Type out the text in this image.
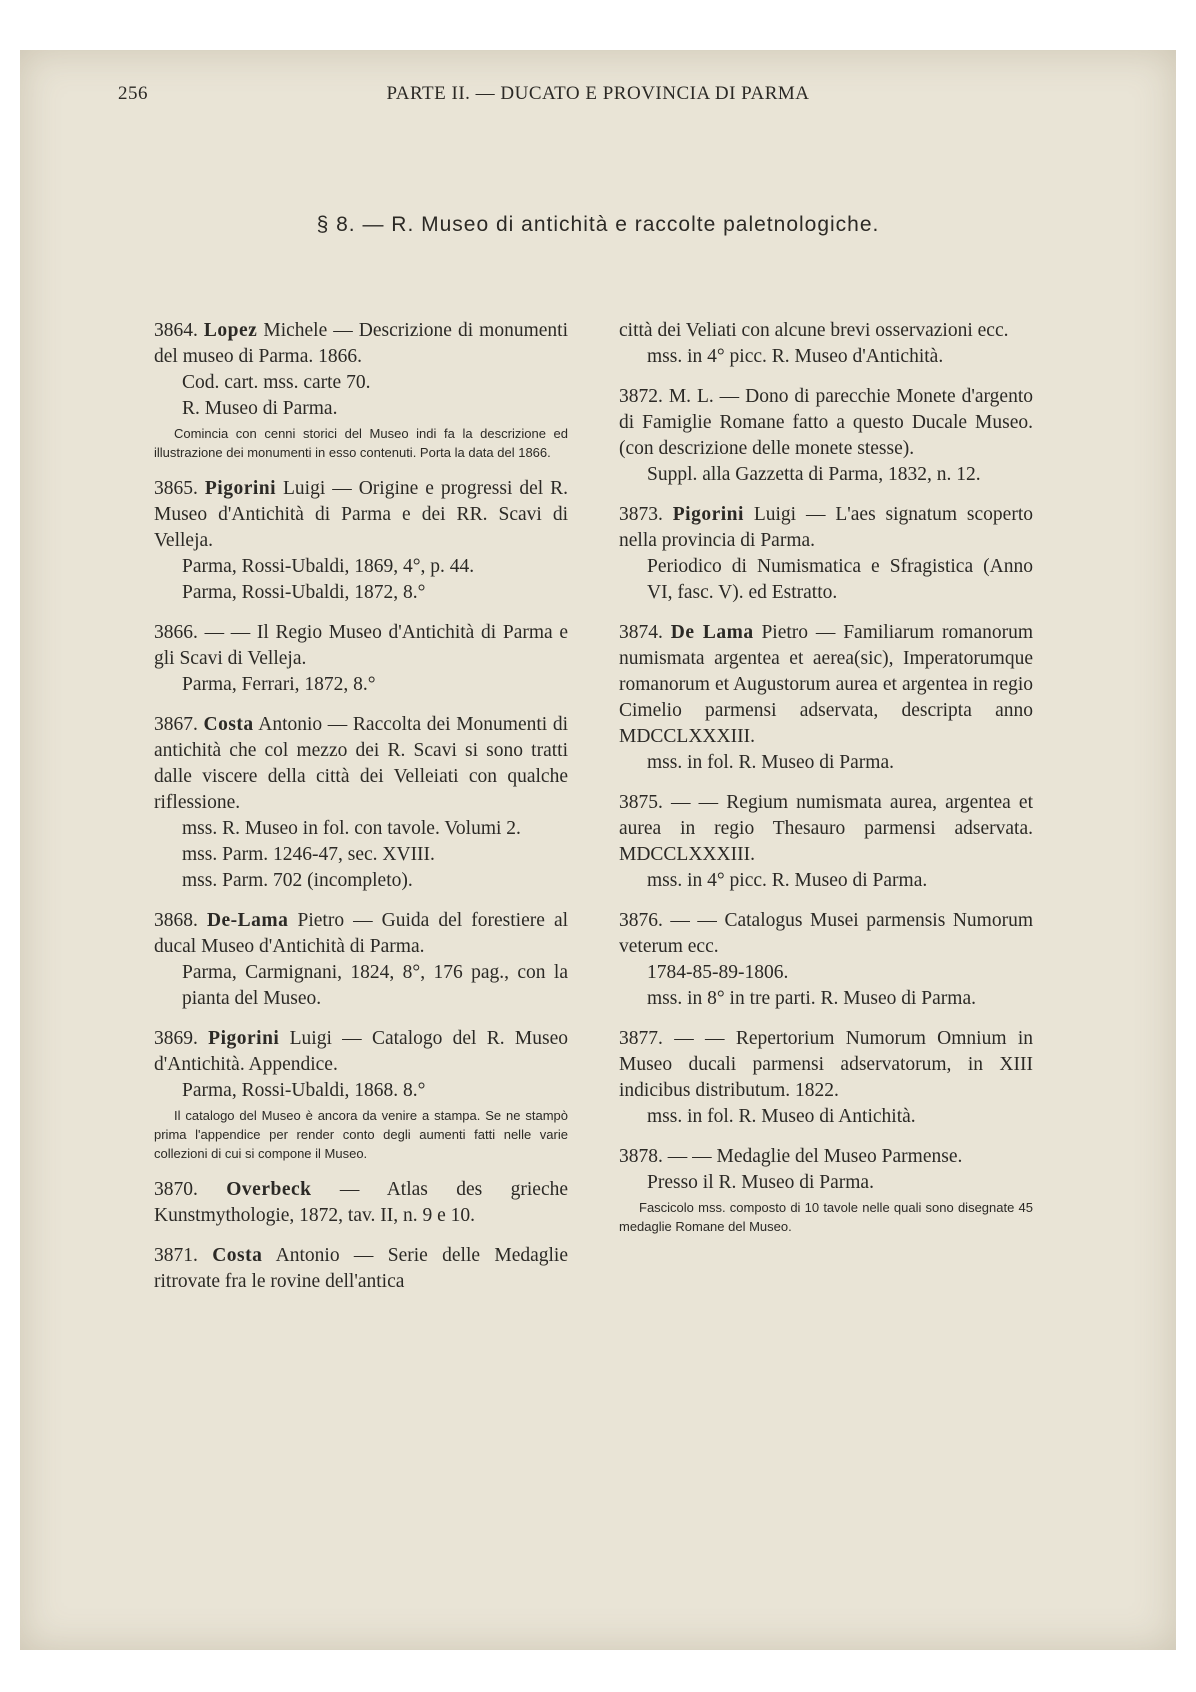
256	PARTE II. — DUCATO E PROVINCIA DI PARMA
§ 8. — R. Museo di antichità e raccolte paletnologiche.
3864. Lopez Michele — Descrizione di monumenti del museo di Parma. 1866.
Cod. cart. mss. carte 70.
R. Museo di Parma.
Comincia con cenni storici del Museo indi fa la descrizione ed illustrazione dei monumenti in esso contenuti. Porta la data del 1866.
3865. Pigorini Luigi — Origine e progressi del R. Museo d'Antichità di Parma e dei RR. Scavi di Velleja.
Parma, Rossi-Ubaldi, 1869, 4°, p. 44.
Parma, Rossi-Ubaldi, 1872, 8.°
3866. — — Il Regio Museo d'Antichità di Parma e gli Scavi di Velleja.
Parma, Ferrari, 1872, 8.°
3867. Costa Antonio — Raccolta dei Monumenti di antichità che col mezzo dei R. Scavi si sono tratti dalle viscere della città dei Velleiati con qualche riflessione.
mss. R. Museo in fol. con tavole. Volumi 2.
mss. Parm. 1246-47, sec. XVIII.
mss. Parm. 702 (incompleto).
3868. De-Lama Pietro — Guida del forestiere al ducal Museo d'Antichità di Parma.
Parma, Carmignani, 1824, 8°, 176 pag., con la pianta del Museo.
3869. Pigorini Luigi — Catalogo del R. Museo d'Antichità. Appendice.
Parma, Rossi-Ubaldi, 1868. 8.°
Il catalogo del Museo è ancora da venire a stampa. Se ne stampò prima l'appendice per render conto degli aumenti fatti nelle varie collezioni di cui si compone il Museo.
3870. Overbeck — Atlas des grieche Kunstmythologie, 1872, tav. II, n. 9 e 10.
3871. Costa Antonio — Serie delle Medaglie ritrovate fra le rovine dell'antica
città dei Veliati con alcune brevi osservazioni ecc.
mss. in 4° picc. R. Museo d'Antichità.
3872. M. L. — Dono di parecchie Monete d'argento di Famiglie Romane fatto a questo Ducale Museo. (con descrizione delle monete stesse).
Suppl. alla Gazzetta di Parma, 1832, n. 12.
3873. Pigorini Luigi — L'aes signatum scoperto nella provincia di Parma.
Periodico di Numismatica e Sfragistica (Anno VI, fasc. V). ed Estratto.
3874. De Lama Pietro — Familiarum romanorum numismata argentea et aerea(sic), Imperatorumque romanorum et Augustorum aurea et argentea in regio Cimelio parmensi adservata, descripta anno MDCCLXXXIII.
mss. in fol. R. Museo di Parma.
3875. — — Regium numismata aurea, argentea et aurea in regio Thesauro parmensi adservata. MDCCLXXXIII.
mss. in 4° picc. R. Museo di Parma.
3876. — — Catalogus Musei parmensis Numorum veterum ecc.
1784-85-89-1806.
mss. in 8° in tre parti. R. Museo di Parma.
3877. — — Repertorium Numorum Omnium in Museo ducali parmensi adservatorum, in XIII indicibus distributum. 1822.
mss. in fol. R. Museo di Antichità.
3878. — — Medaglie del Museo Parmense.
Presso il R. Museo di Parma.
Fascicolo mss. composto di 10 tavole nelle quali sono disegnate 45 medaglie Romane del Museo.
